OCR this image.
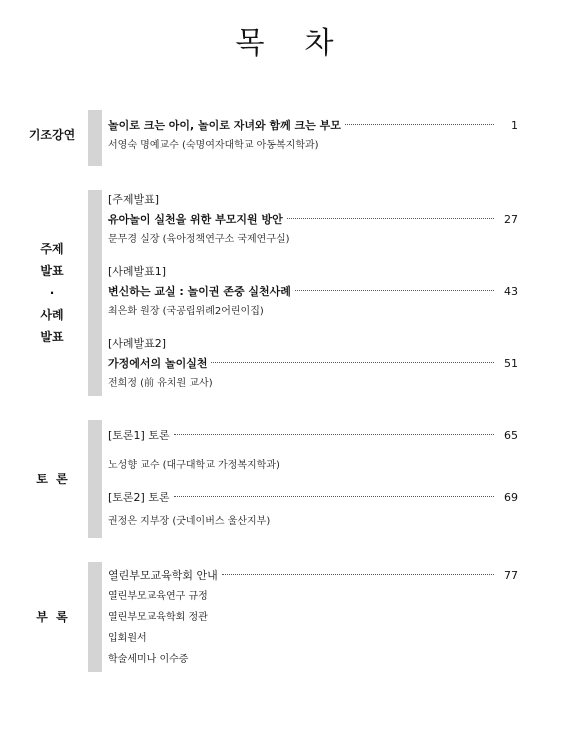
목 차
기조강연
놀이로 크는 아이, 놀이로 자녀와 함께 크는 부모	1
서영숙 명예교수 (숙명여자대학교 아동복지학과)
주제
발표
·
사례
발표
[주제발표]
유아놀이 실천을 위한 부모지원 방안	27
문무경 실장 (육아정책연구소 국제연구실)
[사례발표1]
변신하는 교실 : 놀이권 존중 실천사례	43
최은화 원장 (국공립위례2어린이집)
[사례발표2]
가정에서의 놀이실천	51
전희정 (前 유치원 교사)
토  론
[토론1] 토론	65
노성향 교수 (대구대학교 가정복지학과)
[토론2] 토론	69
권정은 지부장 (굿네이버스 울산지부)
부  록
열린부모교육학회 안내	77
열린부모교육연구 규정
열린부모교육학회 정관
입회원서
학술세미나 이수증
